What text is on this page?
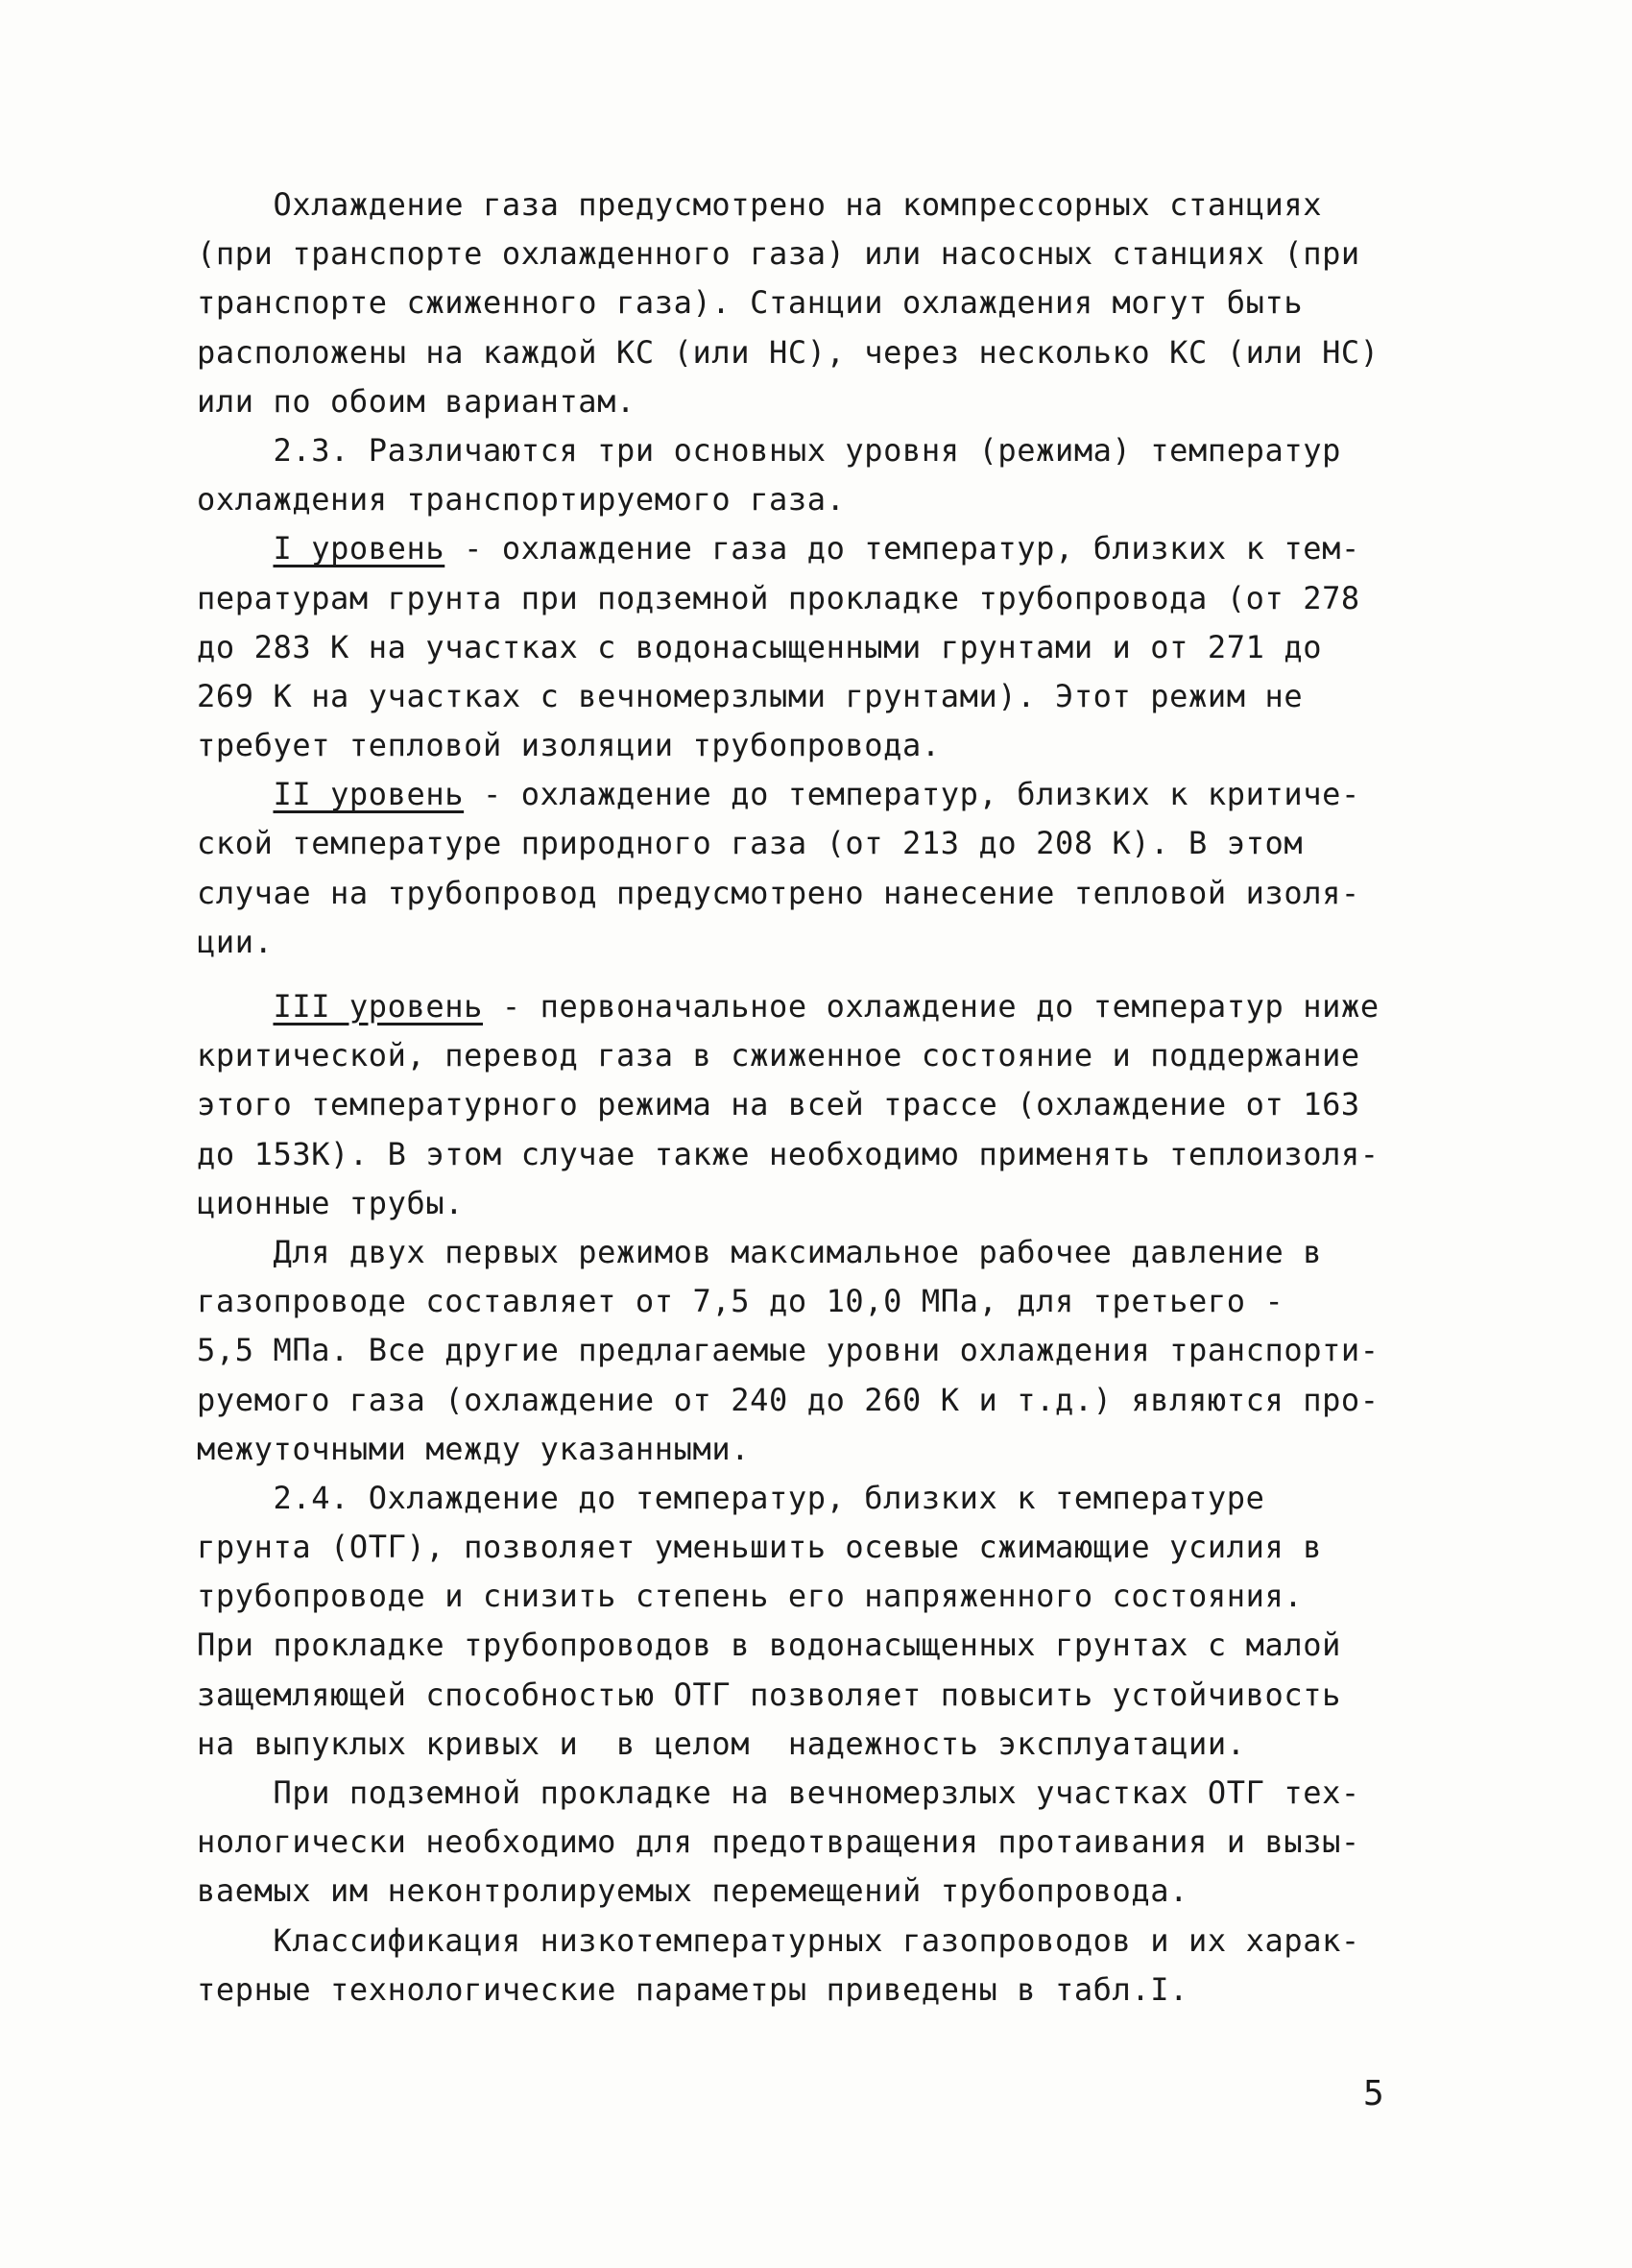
Охлаждение газа предусмотрено на компрессорных станциях
(при транспорте охлажденного газа) или насосных станциях (при
транспорте сжиженного газа). Станции охлаждения могут быть
расположены на каждой КС (или НС), через несколько КС (или НС)
или по обоим вариантам.
2.3. Различаются три основных уровня (режима) температур
охлаждения транспортируемого газа.
I уровень - охлаждение газа до температур, близких к тем-
пературам грунта при подземной прокладке трубопровода (от 278
до 283 К на участках с водонасыщенными грунтами и от 271 до
269 К на участках с вечномерзлыми грунтами). Этот режим не
требует тепловой изоляции трубопровода.
II уровень - охлаждение до температур, близких к критиче-
ской температуре природного газа (от 213 до 208 К). В этом
случае на трубопровод предусмотрено нанесение тепловой изоля-
ции.
III уровень - первоначальное охлаждение до температур ниже
критической, перевод газа в сжиженное состояние и поддержание
этого температурного режима на всей трассе (охлаждение от 163
до 153К). В этом случае также необходимо применять теплоизоля-
ционные трубы.
Для двух первых режимов максимальное рабочее давление в
газопроводе составляет от 7,5 до 10,0 МПа, для третьего -
5,5 МПа. Все другие предлагаемые уровни охлаждения транспорти-
руемого газа (охлаждение от 240 до 260 К и т.д.) являются про-
межуточными между указанными.
2.4. Охлаждение до температур, близких к температуре
грунта (ОТГ), позволяет уменьшить осевые сжимающие усилия в
трубопроводе и снизить степень его напряженного состояния.
При прокладке трубопроводов в водонасыщенных грунтах с малой
защемляющей способностью ОТГ позволяет повысить устойчивость
на выпуклых кривых и  в целом  надежность эксплуатации.
При подземной прокладке на вечномерзлых участках ОТГ тех-
нологически необходимо для предотвращения протаивания и вызы-
ваемых им неконтролируемых перемещений трубопровода.
Классификация низкотемпературных газопроводов и их харак-
терные технологические параметры приведены в табл.I.
5
